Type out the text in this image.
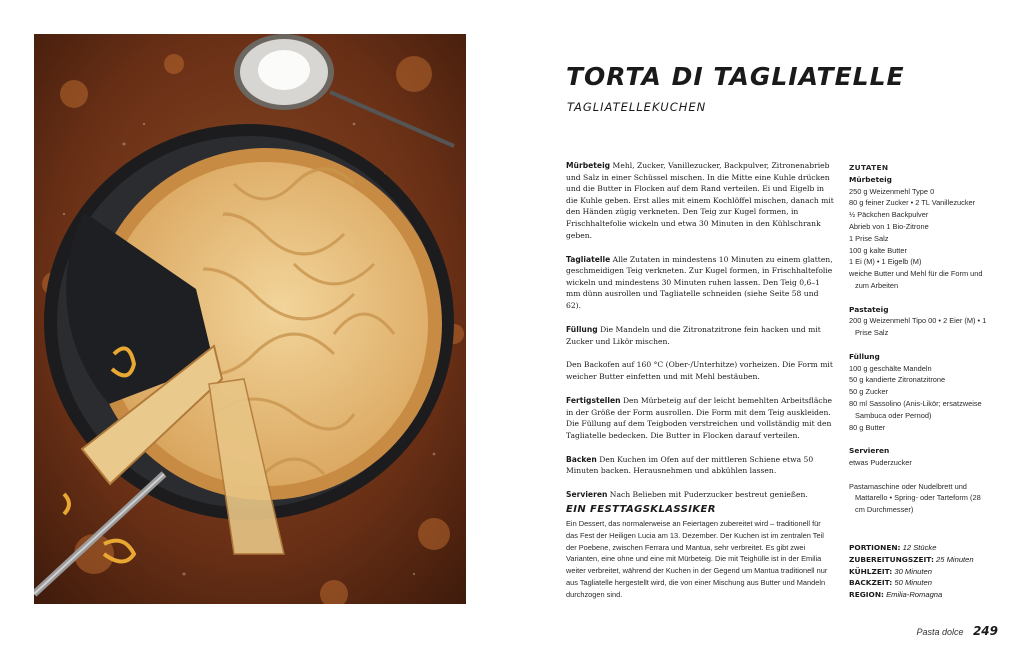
TORTA DI TAGLIATELLE
TAGLIATELLEKUCHEN

Mürbeteig Mehl, Zucker, Vanillezucker, Backpulver, Zitronenabrieb und Salz in einer Schüssel mischen. In die Mitte eine Kuhle drücken und die Butter in Flocken auf dem Rand verteilen. Ei und Eigelb in die Kuhle geben. Erst alles mit einem Kochlöffel mischen, danach mit den Händen zügig verkneten. Den Teig zur Kugel formen, in Frischhaltefolie wickeln und etwa 30 Minuten in den Kühlschrank geben.

Tagliatelle Alle Zutaten in mindestens 10 Minuten zu einem glatten, geschmeidigen Teig verkneten. Zur Kugel formen, in Frischhaltefolie wickeln und mindestens 30 Minuten ruhen lassen. Den Teig 0,6–1 mm dünn ausrollen und Tagliatelle schneiden (siehe Seite 58 und 62).

Füllung Die Mandeln und die Zitronatzitrone fein hacken und mit Zucker und Likör mischen.

Den Backofen auf 160 °C (Ober-/Unterhitze) vorheizen. Die Form mit weicher Butter einfetten und mit Mehl bestäuben.

Fertigstellen Den Mürbeteig auf der leicht bemehlten Arbeitsfläche in der Größe der Form ausrollen. Die Form mit dem Teig auskleiden. Die Füllung auf dem Teigboden verstreichen und vollständig mit den Tagliatelle bedecken. Die Butter in Flocken darauf verteilen.

Backen Den Kuchen im Ofen auf der mittleren Schiene etwa 50 Minuten backen. Herausnehmen und abkühlen lassen.

Servieren Nach Belieben mit Puderzucker bestreut genießen.

EIN FESTTAGSKLASSIKER
Ein Dessert, das normalerweise an Feiertagen zubereitet wird – traditionell für das Fest der Heiligen Lucia am 13. Dezember. Der Kuchen ist im zentralen Teil der Poebene, zwischen Ferrara und Mantua, sehr verbreitet. Es gibt zwei Varianten, eine ohne und eine mit Mürbeteig. Die mit Teighülle ist in der Emilia weiter verbreitet, während der Kuchen in der Gegend um Mantua traditionell nur aus Tagliatelle hergestellt wird, die von einer Mischung aus Butter und Mandeln durchzogen sind.
ZUTATEN
Mürbeteig
250 g Weizenmehl Type 0
80 g feiner Zucker • 2 TL Vanillezucker
½ Päckchen Backpulver
Abrieb von 1 Bio-Zitrone
1 Prise Salz
100 g kalte Butter
1 Ei (M) • 1 Eigelb (M)
weiche Butter und Mehl für die Form und zum Arbeiten
Pastateig
200 g Weizenmehl Tipo 00 • 2 Eier (M) • 1 Prise Salz
Füllung
100 g geschälte Mandeln
50 g kandierte Zitronatzitrone
50 g Zucker
80 ml Sassolino (Anis-Likör; ersatzweise Sambuca oder Pernod)
80 g Butter
Servieren
etwas Puderzucker
Pastamaschine oder Nudelbrett und Mattarello • Spring- oder Tarteform (28 cm Durchmesser)
PORTIONEN: 12 Stücke
ZUBEREITUNGSZEIT: 25 Minuten
KÜHLZEIT: 30 Minuten
BACKZEIT: 50 Minuten
REGION: Emilia-Romagna
Pasta dolce 249
